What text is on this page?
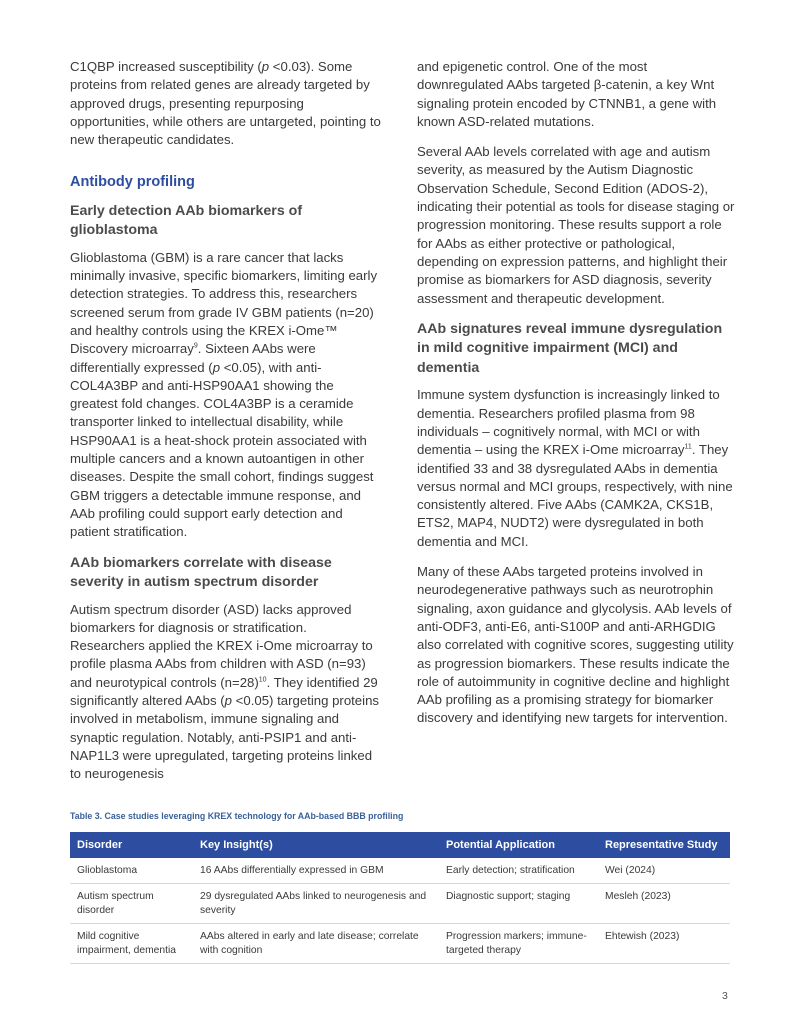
C1QBP increased susceptibility (p <0.03). Some proteins from related genes are already targeted by approved drugs, presenting repurposing opportunities, while others are untargeted, pointing to new therapeutic candidates.

Antibody profiling
Early detection AAb biomarkers of glioblastoma

Glioblastoma (GBM) is a rare cancer that lacks minimally invasive, specific biomarkers, limiting early detection strategies. To address this, researchers screened serum from grade IV GBM patients (n=20) and healthy controls using the KREX i-Ome™ Discovery microarray$^9$. Sixteen AAbs were differentially expressed (p <0.05), with anti-COL4A3BP and anti-HSP90AA1 showing the greatest fold changes. COL4A3BP is a ceramide transporter linked to intellectual disability, while HSP90AA1 is a heat-shock protein associated with multiple cancers and a known autoantigen in other diseases. Despite the small cohort, findings suggest GBM triggers a detectable immune response, and AAb profiling could support early detection and patient stratification.

AAb biomarkers correlate with disease severity in autism spectrum disorder

Autism spectrum disorder (ASD) lacks approved biomarkers for diagnosis or stratification. Researchers applied the KREX i-Ome microarray to profile plasma AAbs from children with ASD (n=93) and neurotypical controls (n=28)$^{10}$. They identified 29 significantly altered AAbs (p <0.05) targeting proteins involved in metabolism, immune signaling and synaptic regulation. Notably, anti-PSIP1 and anti-NAP1L3 were upregulated, targeting proteins linked to neurogenesis

and epigenetic control. One of the most downregulated AAbs targeted β-catenin, a key Wnt signaling protein encoded by CTNNB1, a gene with known ASD-related mutations.

Several AAb levels correlated with age and autism severity, as measured by the Autism Diagnostic Observation Schedule, Second Edition (ADOS-2), indicating their potential as tools for disease staging or progression monitoring. These results support a role for AAbs as either protective or pathological, depending on expression patterns, and highlight their promise as biomarkers for ASD diagnosis, severity assessment and therapeutic development.

AAb signatures reveal immune dysregulation in mild cognitive impairment (MCI) and dementia

Immune system dysfunction is increasingly linked to dementia. Researchers profiled plasma from 98 individuals – cognitively normal, with MCI or with dementia – using the KREX i-Ome microarray$^{11}$. They identified 33 and 38 dysregulated AAbs in dementia versus normal and MCI groups, respectively, with nine consistently altered. Five AAbs (CAMK2A, CKS1B, ETS2, MAP4, NUDT2) were dysregulated in both dementia and MCI.

Many of these AAbs targeted proteins involved in neurodegenerative pathways such as neurotrophin signaling, axon guidance and glycolysis. AAb levels of anti-ODF3, anti-E6, anti-S100P and anti-ARHGDIG also correlated with cognitive scores, suggesting utility as progression biomarkers. These results indicate the role of autoimmunity in cognitive decline and highlight AAb profiling as a promising strategy for biomarker discovery and identifying new targets for intervention.

Table 3. Case studies leveraging KREX technology for AAb-based BBB profiling
Disorder	Key Insight(s)	Potential Application	Representative Study
Glioblastoma	16 AAbs differentially expressed in GBM	Early detection; stratification	Wei (2024)
Autism spectrum disorder	29 dysregulated AAbs linked to neurogenesis and severity	Diagnostic support; staging	Mesleh (2023)
Mild cognitive impairment, dementia	AAbs altered in early and late disease; correlate with cognition	Progression markers; immune-targeted therapy	Ehtewish (2023)
3
